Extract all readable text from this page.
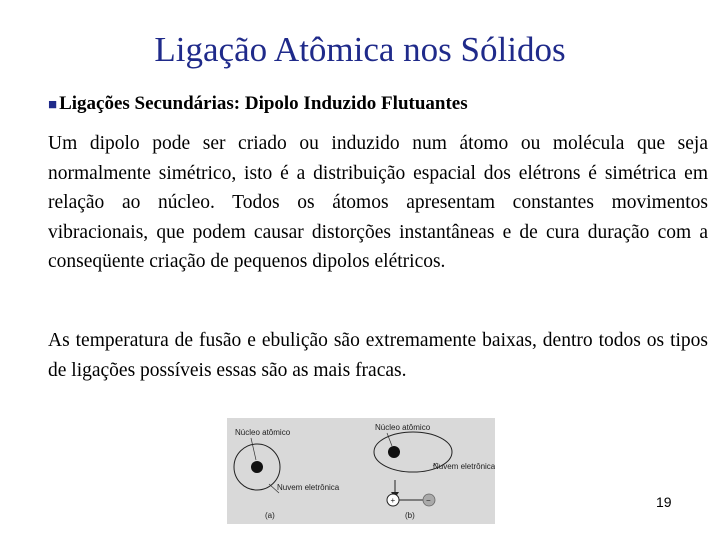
Ligação Atômica nos Sólidos
■ Ligações Secundárias: Dipolo Induzido Flutuantes

Um dipolo pode ser criado ou induzido num átomo ou molécula que seja normalmente simétrico, isto é a distribuição espacial dos elétrons é simétrica em relação ao núcleo. Todos os átomos apresentam constantes movimentos vibracionais, que podem causar distorções instantâneas e de cura duração com a conseqüente criação de pequenos dipolos elétricos.

As temperatura de fusão e ebulição são extremamente baixas, dentro todos os tipos de ligações possíveis essas são as mais fracas.

Núcleo atômico
Nuvem eletrônica
(a)
Núcleo atômico
Nuvem eletrônica
+	−
(b)
19
